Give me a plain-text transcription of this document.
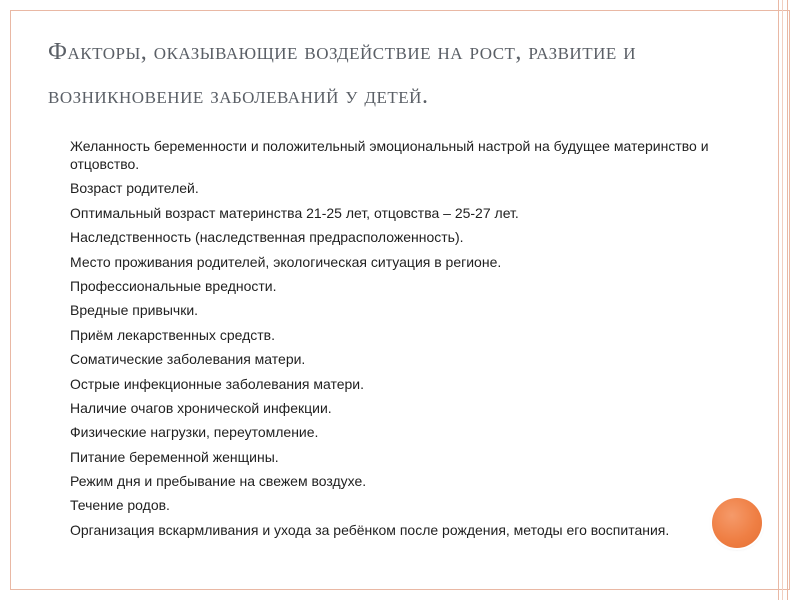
Факторы, оказывающие воздействие на рост, развитие и возникновение заболеваний у детей.
Желанность беременности и положительный эмоциональный настрой на будущее материнство и отцовство.
Возраст родителей.
Оптимальный возраст материнства 21-25 лет, отцовства – 25-27 лет.
Наследственность (наследственная предрасположенность).
Место проживания родителей, экологическая ситуация в регионе.
Профессиональные вредности.
Вредные привычки.
Приём лекарственных средств.
Соматические заболевания матери.
Острые инфекционные заболевания матери.
Наличие очагов хронической инфекции.
Физические нагрузки, переутомление.
Питание беременной женщины.
Режим дня и пребывание на свежем воздухе.
Течение родов.
Организация вскармливания и ухода за ребёнком после рождения, методы его воспитания.
